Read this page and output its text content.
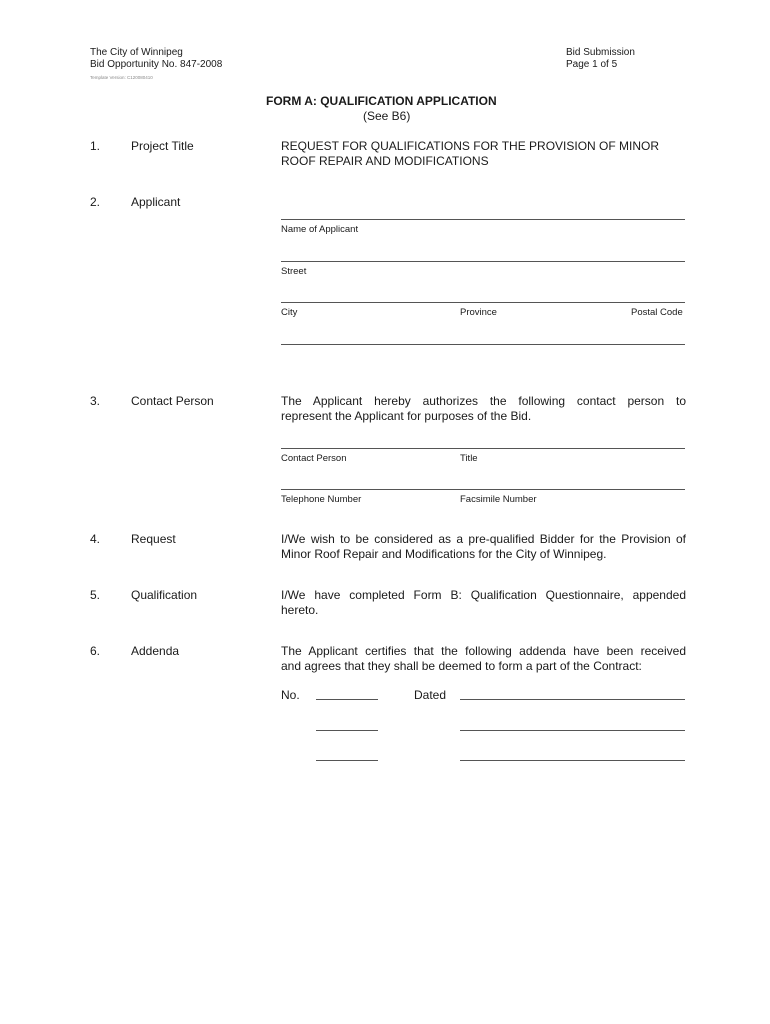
The City of Winnipeg
Bid Opportunity No. 847-2008
Template Version: C120080410
Bid Submission
Page 1 of 5
FORM A: QUALIFICATION APPLICATION
(See B6)
1.	Project Title	REQUEST FOR QUALIFICATIONS FOR THE PROVISION OF MINOR
ROOF REPAIR AND MODIFICATIONS
2.	Applicant
Name of Applicant
Street
City	Province	Postal Code
3.	Contact Person	The Applicant hereby authorizes the following contact person to
represent the Applicant for purposes of the Bid.
Contact Person	Title
Telephone Number	Facsimile Number
4.	Request	I/We wish to be considered as a pre-qualified Bidder for the Provision of
Minor Roof Repair and Modifications for the City of Winnipeg.
5.	Qualification	I/We have completed Form B: Qualification Questionnaire, appended
hereto.
6.	Addenda	The Applicant certifies that the following addenda have been received
and agrees that they shall be deemed to form a part of the Contract:
No.	Dated
